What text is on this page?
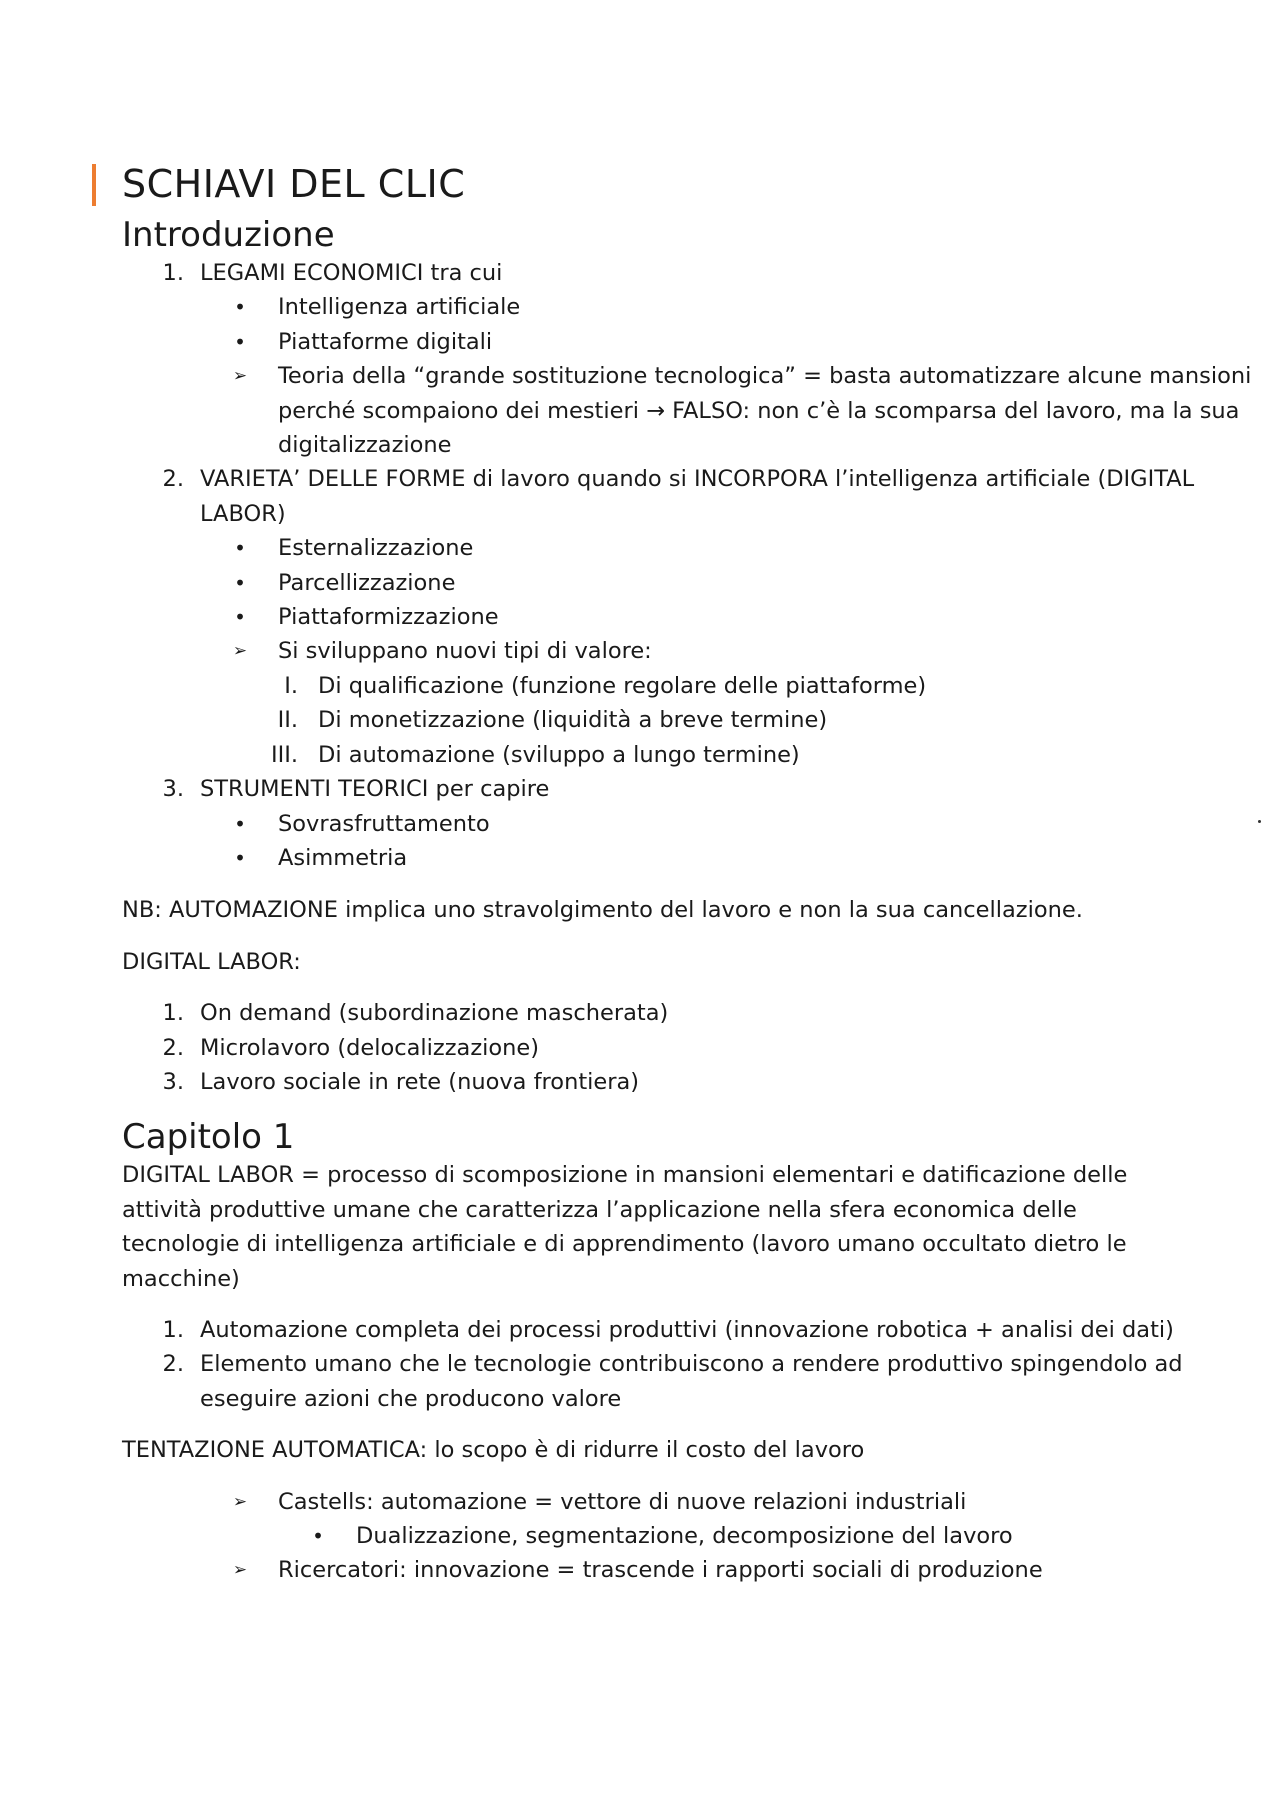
SCHIAVI DEL CLIC
Introduzione
1. LEGAMI ECONOMICI tra cui
• Intelligenza artificiale
• Piattaforme digitali
➢ Teoria della “grande sostituzione tecnologica” = basta automatizzare alcune mansioni perché scompaiono dei mestieri → FALSO: non c’è la scomparsa del lavoro, ma la sua digitalizzazione
2. VARIETA’ DELLE FORME di lavoro quando si INCORPORA l’intelligenza artificiale (DIGITAL LABOR)
• Esternalizzazione
• Parcellizzazione
• Piattaformizzazione
➢ Si sviluppano nuovi tipi di valore:
I. Di qualificazione (funzione regolare delle piattaforme)
II. Di monetizzazione (liquidità a breve termine)
III. Di automazione (sviluppo a lungo termine)
3. STRUMENTI TEORICI per capire
• Sovrasfruttamento
• Asimmetria

NB: AUTOMAZIONE implica uno stravolgimento del lavoro e non la sua cancellazione.

DIGITAL LABOR:

1. On demand (subordinazione mascherata)
2. Microlavoro (delocalizzazione)
3. Lavoro sociale in rete (nuova frontiera)
Capitolo 1

DIGITAL LABOR = processo di scomposizione in mansioni elementari e datificazione delle attività produttive umane che caratterizza l’applicazione nella sfera economica delle tecnologie di intelligenza artificiale e di apprendimento (lavoro umano occultato dietro le macchine)

1. Automazione completa dei processi produttivi (innovazione robotica + analisi dei dati)
2. Elemento umano che le tecnologie contribuiscono a rendere produttivo spingendolo ad eseguire azioni che producono valore

TENTAZIONE AUTOMATICA: lo scopo è di ridurre il costo del lavoro

➢ Castells: automazione = vettore di nuove relazioni industriali
• Dualizzazione, segmentazione, decomposizione del lavoro
➢ Ricercatori: innovazione = trascende i rapporti sociali di produzione
